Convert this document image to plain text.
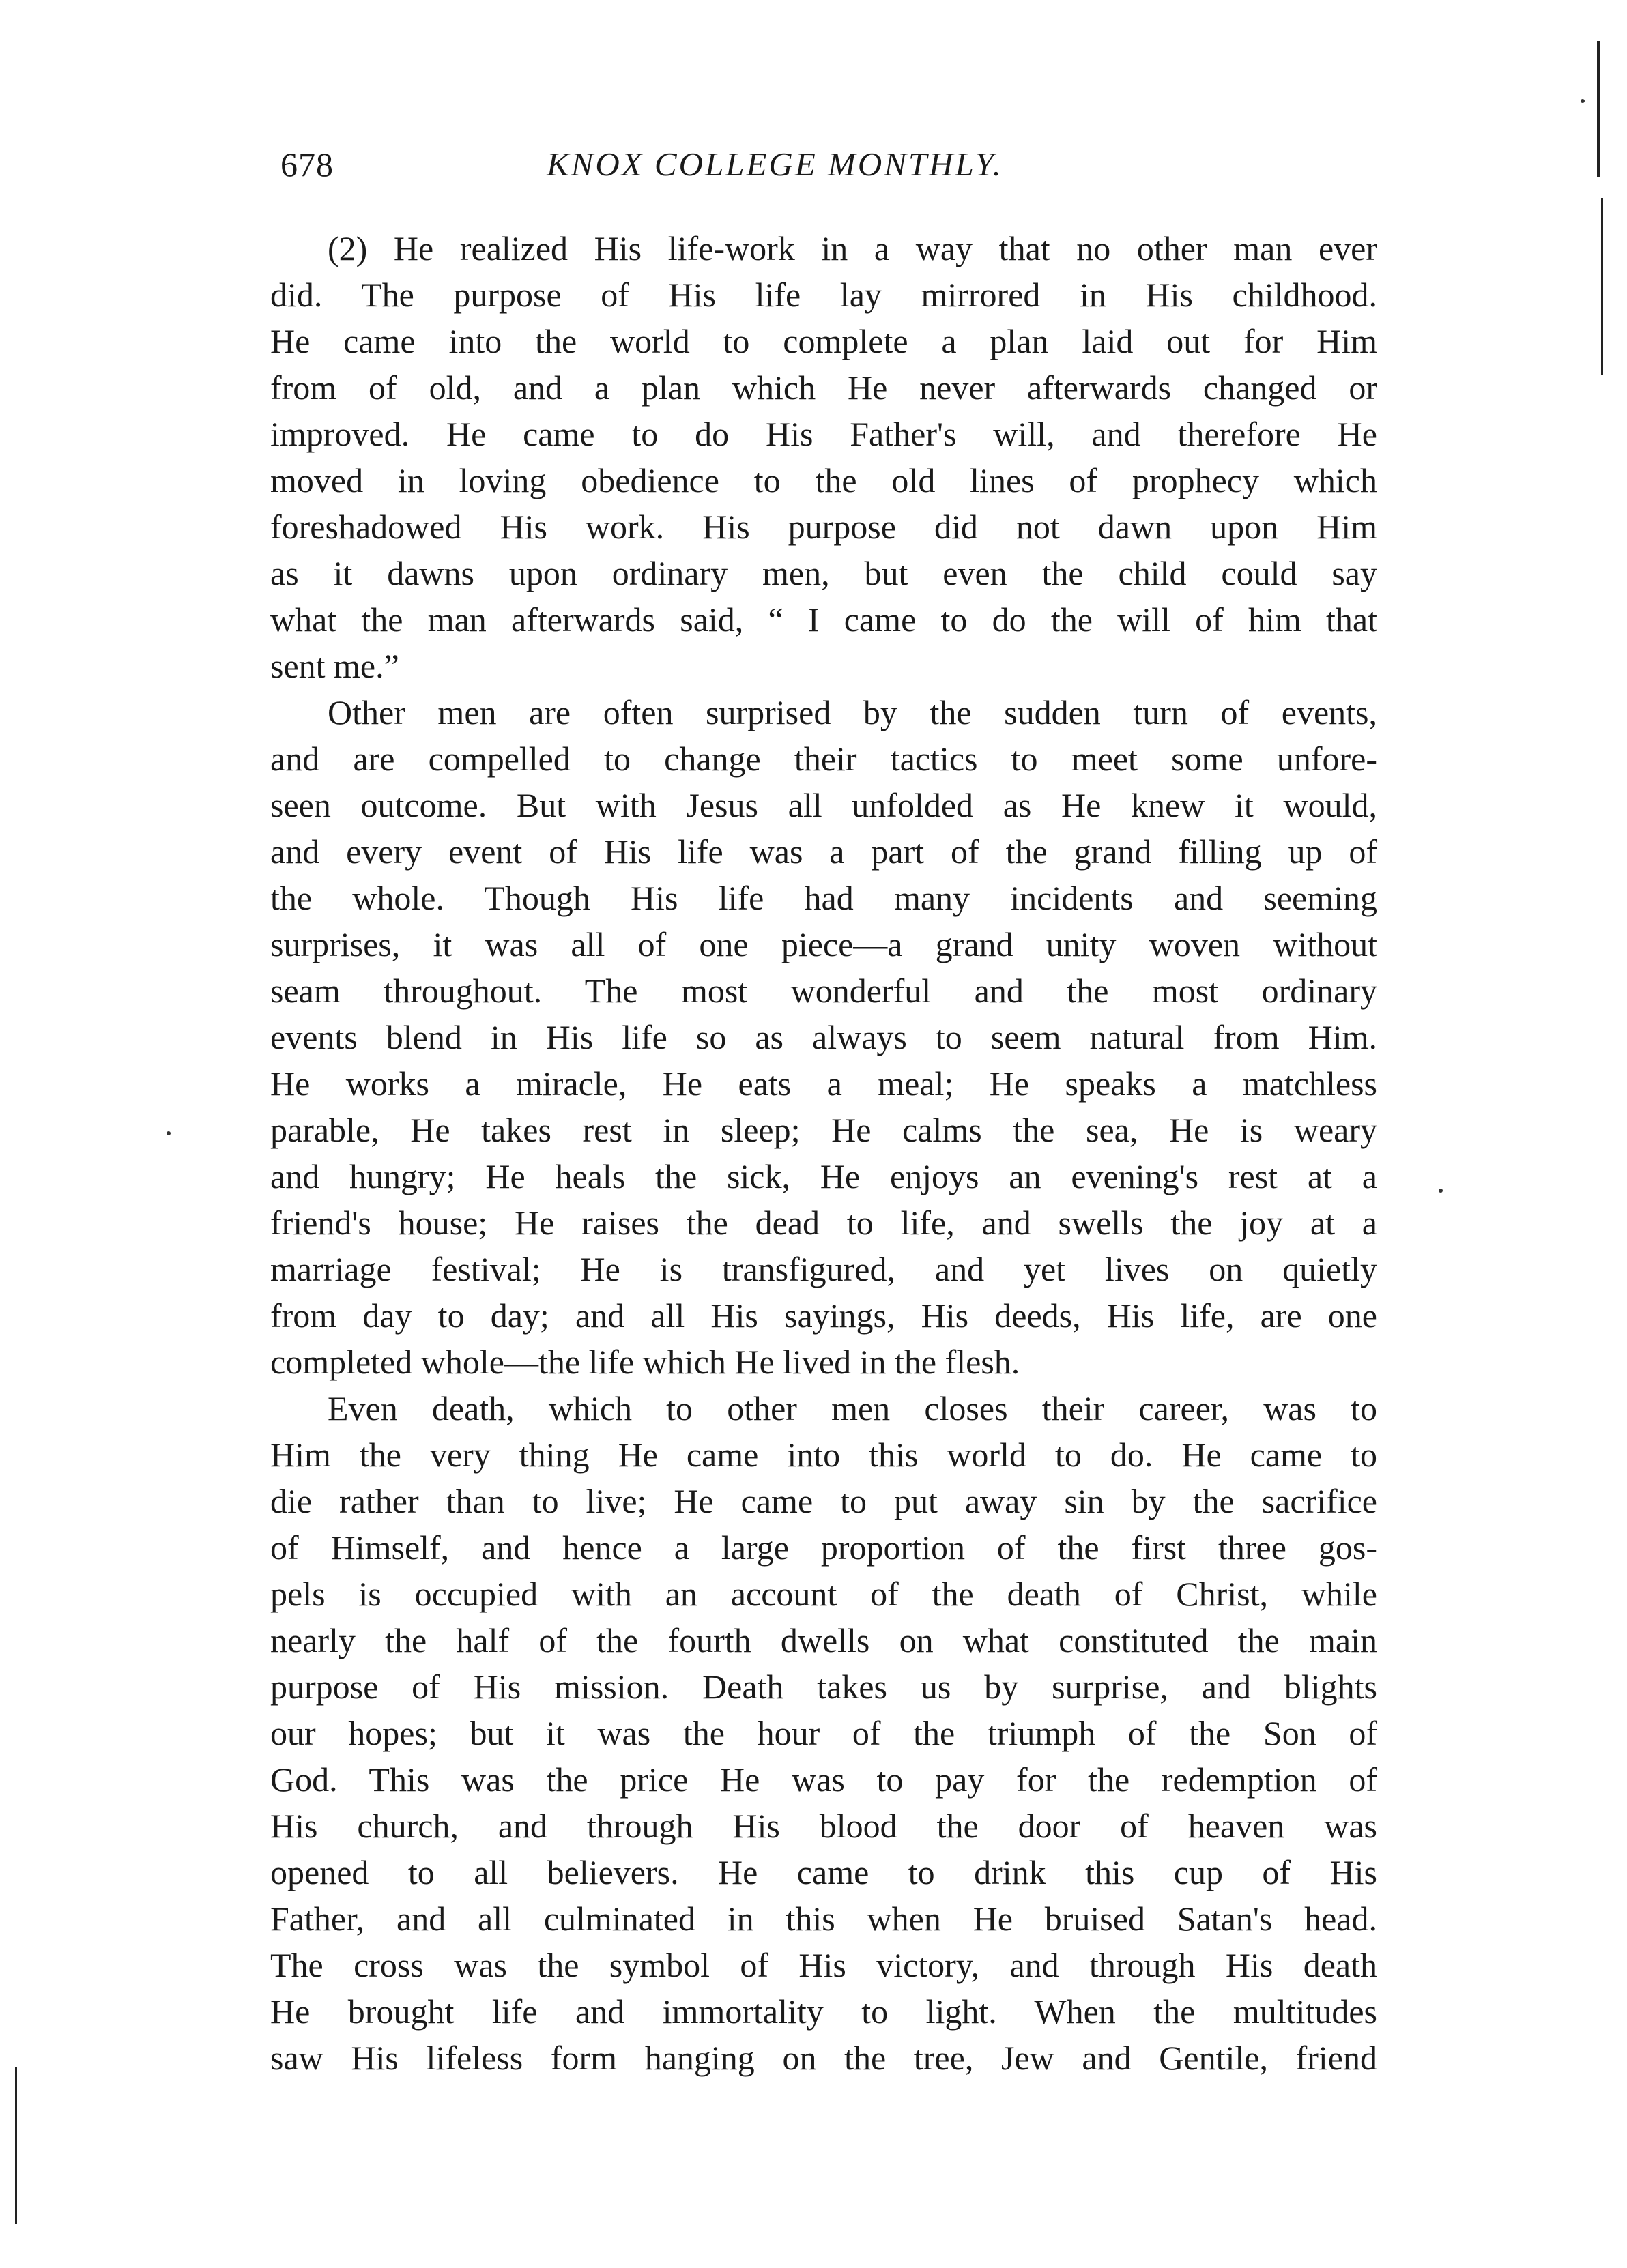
678	KNOX COLLEGE MONTHLY.

(2) He realized His life-work in a way that no other man ever
did. The purpose of His life lay mirrored in His childhood.
He came into the world to complete a plan laid out for Him
from of old, and a plan which He never afterwards changed or
improved. He came to do His Father's will, and therefore He
moved in loving obedience to the old lines of prophecy which
foreshadowed His work. His purpose did not dawn upon Him
as it dawns upon ordinary men, but even the child could say
what the man afterwards said, “ I came to do the will of him that
sent me.”

Other men are often surprised by the sudden turn of events,
and are compelled to change their tactics to meet some unfore-
seen outcome. But with Jesus all unfolded as He knew it would,
and every event of His life was a part of the grand filling up of
the whole. Though His life had many incidents and seeming
surprises, it was all of one piece—a grand unity woven without
seam throughout. The most wonderful and the most ordinary
events blend in His life so as always to seem natural from Him.
He works a miracle, He eats a meal; He speaks a matchless
parable, He takes rest in sleep; He calms the sea, He is weary
and hungry; He heals the sick, He enjoys an evening's rest at a
friend's house; He raises the dead to life, and swells the joy at a
marriage festival; He is transfigured, and yet lives on quietly
from day to day; and all His sayings, His deeds, His life, are one
completed whole—the life which He lived in the flesh.

Even death, which to other men closes their career, was to
Him the very thing He came into this world to do. He came to
die rather than to live; He came to put away sin by the sacrifice
of Himself, and hence a large proportion of the first three gos-
pels is occupied with an account of the death of Christ, while
nearly the half of the fourth dwells on what constituted the main
purpose of His mission. Death takes us by surprise, and blights
our hopes; but it was the hour of the triumph of the Son of
God. This was the price He was to pay for the redemption of
His church, and through His blood the door of heaven was
opened to all believers. He came to drink this cup of His
Father, and all culminated in this when He bruised Satan's head.
The cross was the symbol of His victory, and through His death
He brought life and immortality to light. When the multitudes
saw His lifeless form hanging on the tree, Jew and Gentile, friend
